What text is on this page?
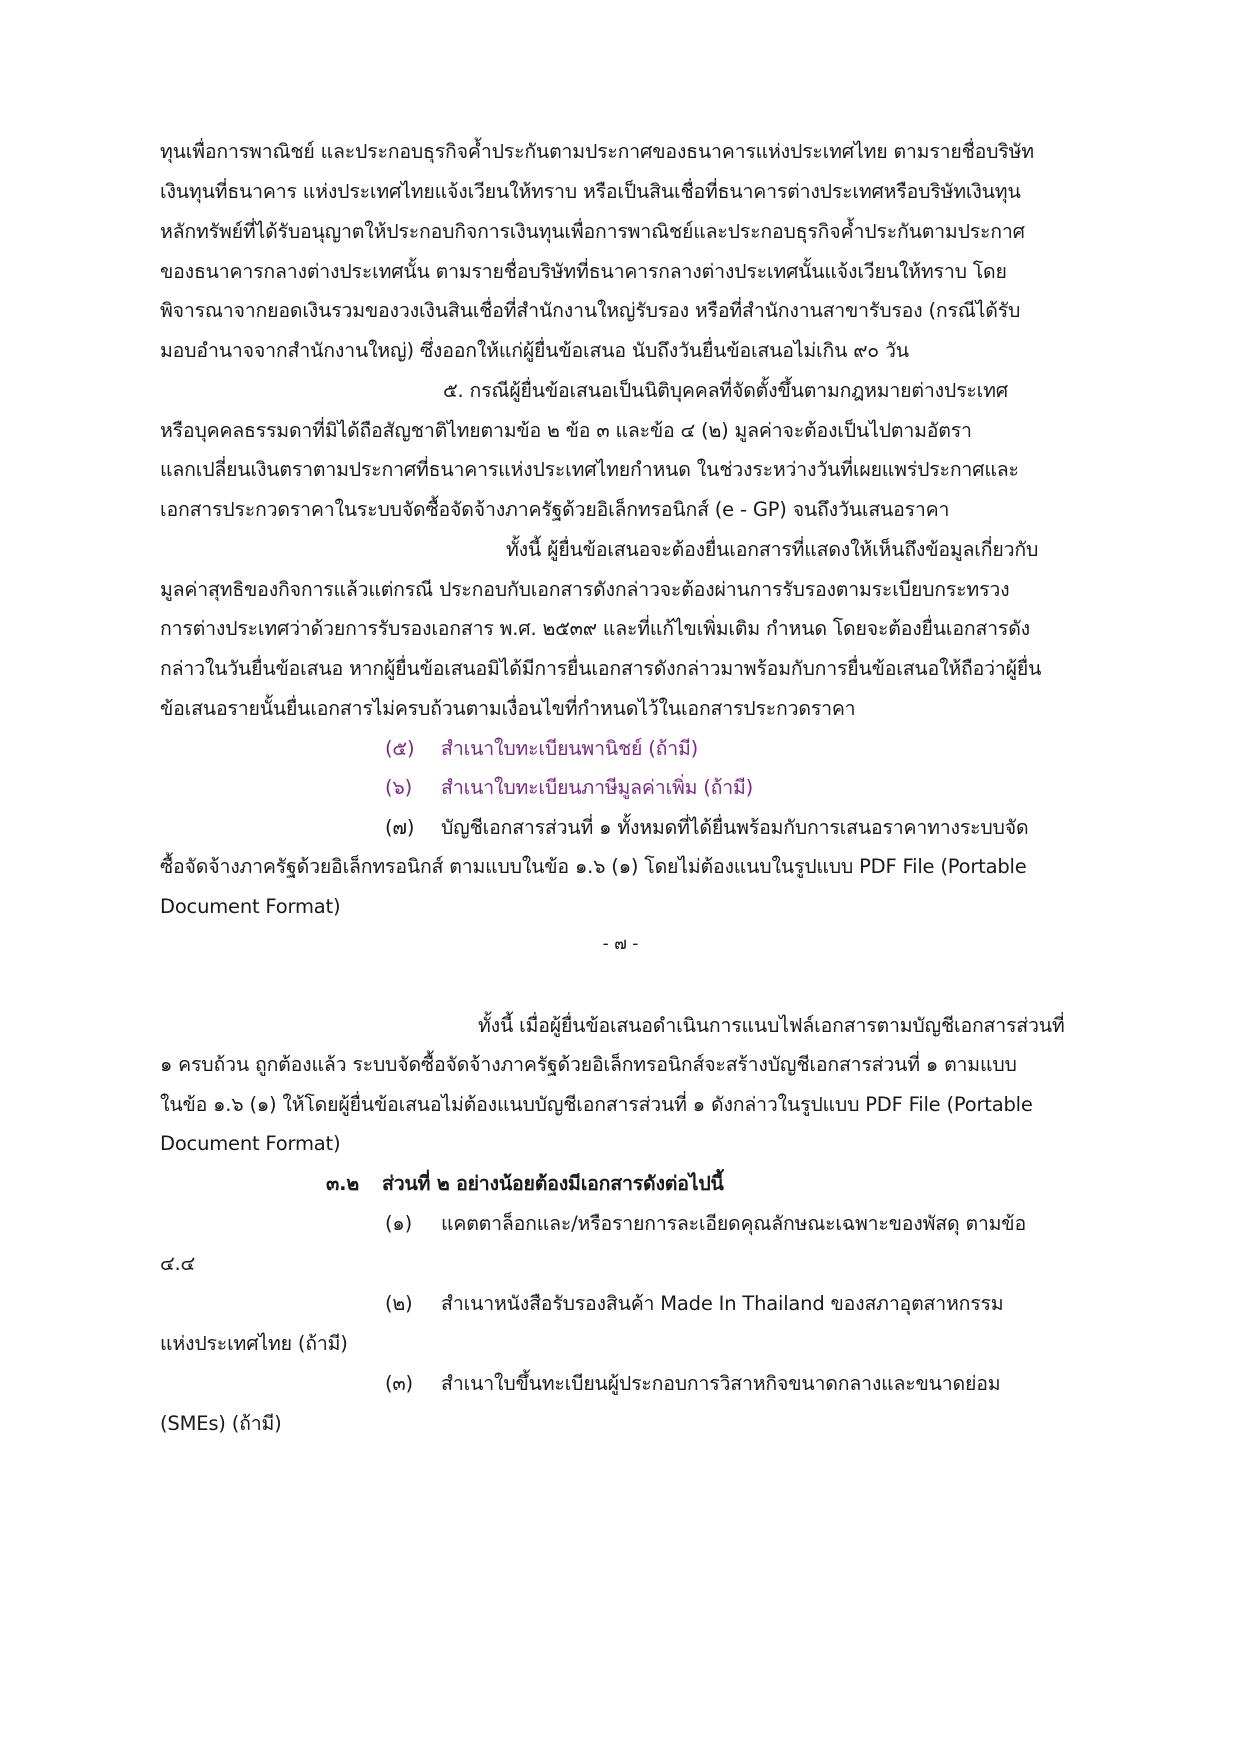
ทุนเพื่อการพาณิชย์ และประกอบธุรกิจค้ำประกันตามประกาศของธนาคารแห่งประเทศไทย ตามรายชื่อบริษัท
เงินทุนที่ธนาคาร แห่งประเทศไทยแจ้งเวียนให้ทราบ หรือเป็นสินเชื่อที่ธนาคารต่างประเทศหรือบริษัทเงินทุน
หลักทรัพย์ที่ได้รับอนุญาตให้ประกอบกิจการเงินทุนเพื่อการพาณิชย์และประกอบธุรกิจค้ำประกันตามประกาศ
ของธนาคารกลางต่างประเทศนั้น ตามรายชื่อบริษัทที่ธนาคารกลางต่างประเทศนั้นแจ้งเวียนให้ทราบ โดย
พิจารณาจากยอดเงินรวมของวงเงินสินเชื่อที่สำนักงานใหญ่รับรอง หรือที่สำนักงานสาขารับรอง (กรณีได้รับ
มอบอำนาจจากสำนักงานใหญ่) ซึ่งออกให้แก่ผู้ยื่นข้อเสนอ นับถึงวันยื่นข้อเสนอไม่เกิน ๙๐ วัน
๕. กรณีผู้ยื่นข้อเสนอเป็นนิติบุคคลที่จัดตั้งขึ้นตามกฎหมายต่างประเทศ
หรือบุคคลธรรมดาที่มิได้ถือสัญชาติไทยตามข้อ ๒ ข้อ ๓ และข้อ ๔ (๒) มูลค่าจะต้องเป็นไปตามอัตรา
แลกเปลี่ยนเงินตราตามประกาศที่ธนาคารแห่งประเทศไทยกำหนด ในช่วงระหว่างวันที่เผยแพร่ประกาศและ
เอกสารประกวดราคาในระบบจัดซื้อจัดจ้างภาครัฐด้วยอิเล็กทรอนิกส์ (e - GP) จนถึงวันเสนอราคา
ทั้งนี้ ผู้ยื่นข้อเสนอจะต้องยื่นเอกสารที่แสดงให้เห็นถึงข้อมูลเกี่ยวกับ
มูลค่าสุทธิของกิจการแล้วแต่กรณี ประกอบกับเอกสารดังกล่าวจะต้องผ่านการรับรองตามระเบียบกระทรวง
การต่างประเทศว่าด้วยการรับรองเอกสาร พ.ศ. ๒๕๓๙ และที่แก้ไขเพิ่มเติม กำหนด โดยจะต้องยื่นเอกสารดัง
กล่าวในวันยื่นข้อเสนอ หากผู้ยื่นข้อเสนอมิได้มีการยื่นเอกสารดังกล่าวมาพร้อมกับการยื่นข้อเสนอให้ถือว่าผู้ยื่น
ข้อเสนอรายนั้นยื่นเอกสารไม่ครบถ้วนตามเงื่อนไขที่กำหนดไว้ในเอกสารประกวดราคา
(๕) สำเนาใบทะเบียนพานิชย์ (ถ้ามี)
(๖) สำเนาใบทะเบียนภาษีมูลค่าเพิ่ม (ถ้ามี)
(๗) บัญชีเอกสารส่วนที่ ๑ ทั้งหมดที่ได้ยื่นพร้อมกับการเสนอราคาทางระบบจัด
ซื้อจัดจ้างภาครัฐด้วยอิเล็กทรอนิกส์ ตามแบบในข้อ ๑.๖ (๑) โดยไม่ต้องแนบในรูปแบบ PDF File (Portable
Document Format)
- ๗ -
ทั้งนี้ เมื่อผู้ยื่นข้อเสนอดำเนินการแนบไฟล์เอกสารตามบัญชีเอกสารส่วนที่
๑ ครบถ้วน ถูกต้องแล้ว ระบบจัดซื้อจัดจ้างภาครัฐด้วยอิเล็กทรอนิกส์จะสร้างบัญชีเอกสารส่วนที่ ๑ ตามแบบ
ในข้อ ๑.๖ (๑) ให้โดยผู้ยื่นข้อเสนอไม่ต้องแนบบัญชีเอกสารส่วนที่ ๑ ดังกล่าวในรูปแบบ PDF File (Portable
Document Format)
๓.๒ ส่วนที่ ๒ อย่างน้อยต้องมีเอกสารดังต่อไปนี้
(๑) แคตตาล็อกและ/หรือรายการละเอียดคุณลักษณะเฉพาะของพัสดุ ตามข้อ
๔.๔
(๒) สำเนาหนังสือรับรองสินค้า Made In Thailand ของสภาอุตสาหกรรม
แห่งประเทศไทย (ถ้ามี)
(๓) สำเนาใบขึ้นทะเบียนผู้ประกอบการวิสาหกิจขนาดกลางและขนาดย่อม
(SMEs) (ถ้ามี)
